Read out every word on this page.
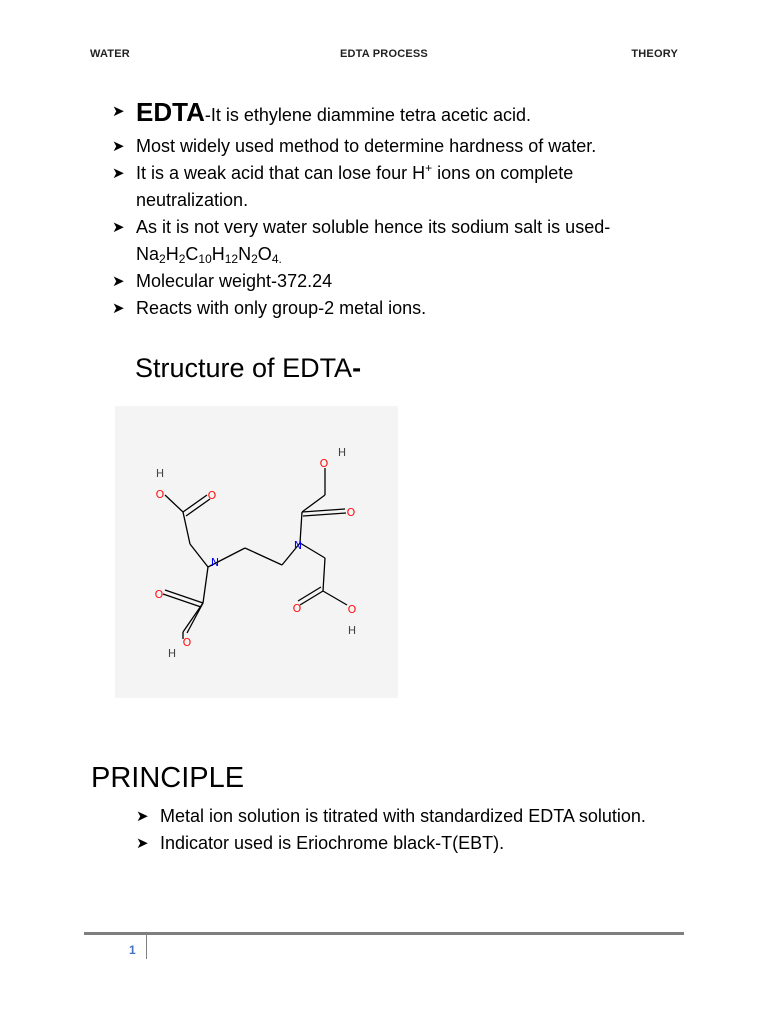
WATER	EDTA PROCESS	THEORY
➤ EDTA-It is ethylene diammine tetra acetic acid.
➤ Most widely used method to determine hardness of water.
➤ It is a weak acid that can lose four H+ ions on complete neutralization.
➤ As it is not very water soluble hence its sodium salt is used-
$Na_2H_2C_{10}H_{12}N_2O_{4.}$
➤ Molecular weight-372.24
➤ Reacts with only group-2 metal ions.
Structure of EDTA-
H
O	O
N
O
O
H
O
H
O
N
O	O
H
PRINCIPLE
➤ Metal ion solution is titrated with standardized EDTA solution.
➤ Indicator used is Eriochrome black-T(EBT).
1
